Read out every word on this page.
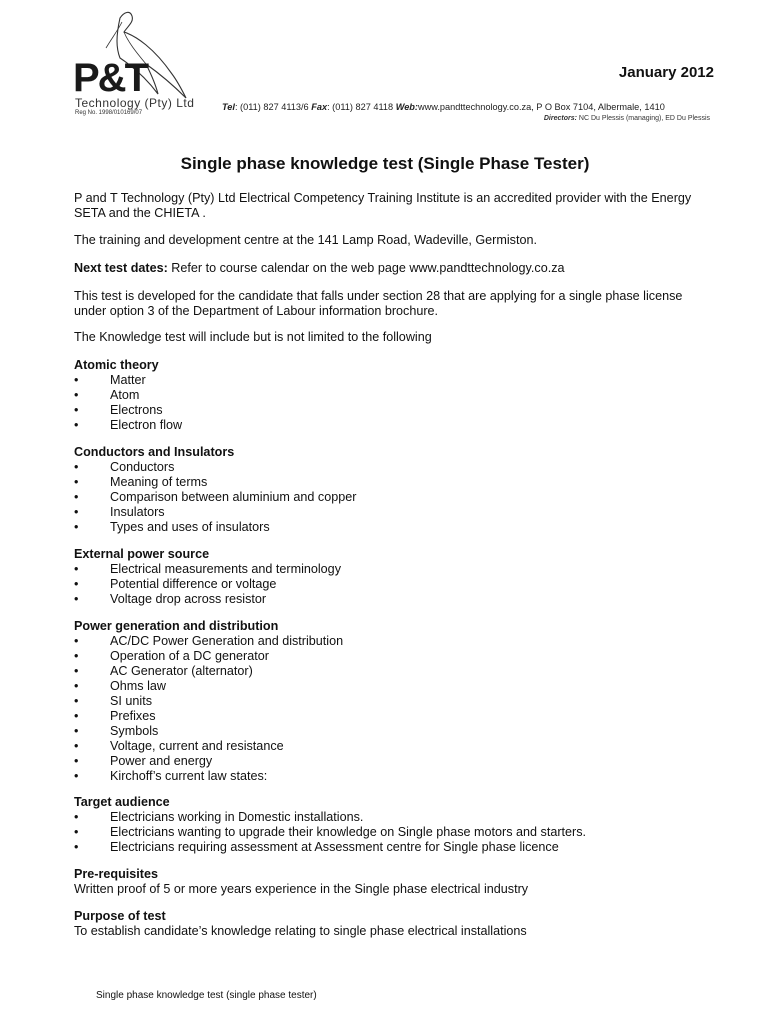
P&T
Technology (Pty) Ltd
Reg No. 1998/010169/07
January 2012
Tel: (011) 827 4113/6 Fax: (011) 827 4118 Web:www.pandttechnology.co.za, P O Box 7104, Albermale, 1410
Directors: NC Du Plessis (managing), ED Du Plessis
Single phase knowledge test (Single Phase Tester)

P and T Technology (Pty) Ltd Electrical Competency Training Institute is an accredited provider with the Energy SETA and the CHIETA .

The training and development centre at the 141 Lamp Road, Wadeville, Germiston.

Next test dates: Refer to course calendar on the web page www.pandttechnology.co.za

This test is developed for the candidate that falls under section 28 that are applying for a single phase license under option 3 of the Department of Labour information brochure.

The Knowledge test will include but is not limited to the following

Atomic theory
• Matter
• Atom
• Electrons
• Electron flow
Conductors and Insulators
• Conductors
• Meaning of terms
• Comparison between aluminium and copper
• Insulators
• Types and uses of insulators
External power source
• Electrical measurements and terminology
• Potential difference or voltage
• Voltage drop across resistor
Power generation and distribution
• AC/DC Power Generation and distribution
• Operation of a DC generator
• AC Generator (alternator)
• Ohms law
• SI units
• Prefixes
• Symbols
• Voltage, current and resistance
• Power and energy
• Kirchoff’s current law states:
Target audience
• Electricians working in Domestic installations.
• Electricians wanting to upgrade their knowledge on Single phase motors and starters.
• Electricians requiring assessment at Assessment centre for Single phase licence
Pre-requisites

Written proof of 5 or more years experience in the Single phase electrical industry

Purpose of test

To establish candidate’s knowledge relating to single phase electrical installations

Single phase knowledge test (single phase tester)
